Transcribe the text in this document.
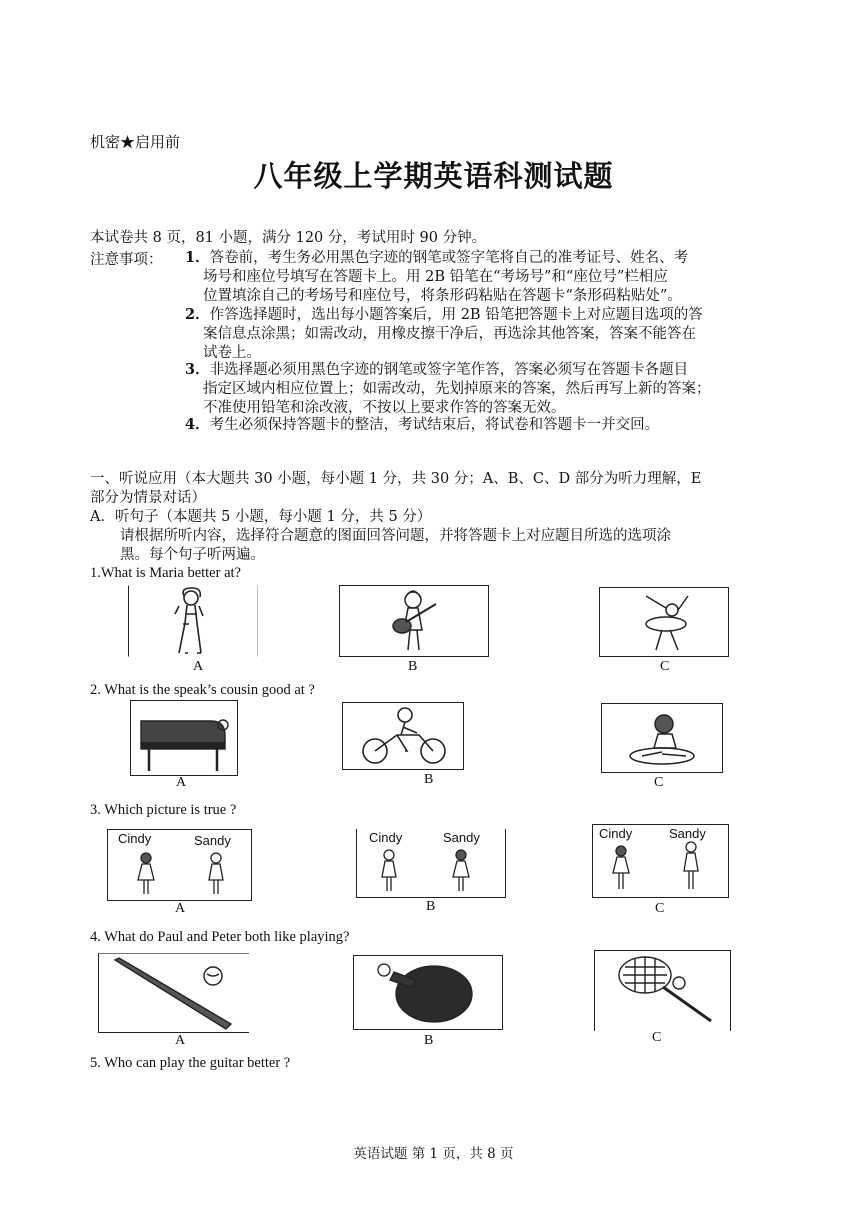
机密★启用前
八年级上学期英语科测试题
本试卷共 8 页，81 小题，满分 120 分，考试用时 90 分钟。
注意事项： 1．答卷前，考生务必用黑色字迹的钢笔或签字笔将自己的准考证号、姓名、考
场号和座位号填写在答题卡上。用 2B 铅笔在“考场号”和“座位号”栏相应
位置填涂自己的考场号和座位号，将条形码粘贴在答题卡“条形码粘贴处”。
2．作答选择题时，选出每小题答案后，用 2B 铅笔把答题卡上对应题目选项的答
案信息点涂黑；如需改动，用橡皮擦干净后，再选涂其他答案，答案不能答在
试卷上。
3．非选择题必须用黑色字迹的钢笔或签字笔作答，答案必须写在答题卡各题目
指定区域内相应位置上；如需改动，先划掉原来的答案，然后再写上新的答案；
不准使用铅笔和涂改液，不按以上要求作答的答案无效。
4．考生必须保持答题卡的整洁，考试结束后，将试卷和答题卡一并交回。
一、听说应用（本大题共 30 小题，每小题 1 分，共 30 分；A、B、C、D 部分为听力理解，E
部分为情景对话）
A．听句子（本题共 5 小题，每小题 1 分，共 5 分）
请根据所听内容，选择符合题意的图面回答问题，并将答题卡上对应题目所选的选项涂
黑。每个句子听两遍。
1.What is Maria better at?
A	B	C
2. What is the speak’s cousin good at ?
A	B	C
3. Which picture is true ?
Cindy	Sandy
A
Cindy	Sandy
B
Cindy	Sandy
C
4. What do Paul and Peter both like playing?
A	B	C
5. Who can play the guitar better ?
英语试题 第 1 页，共 8 页
